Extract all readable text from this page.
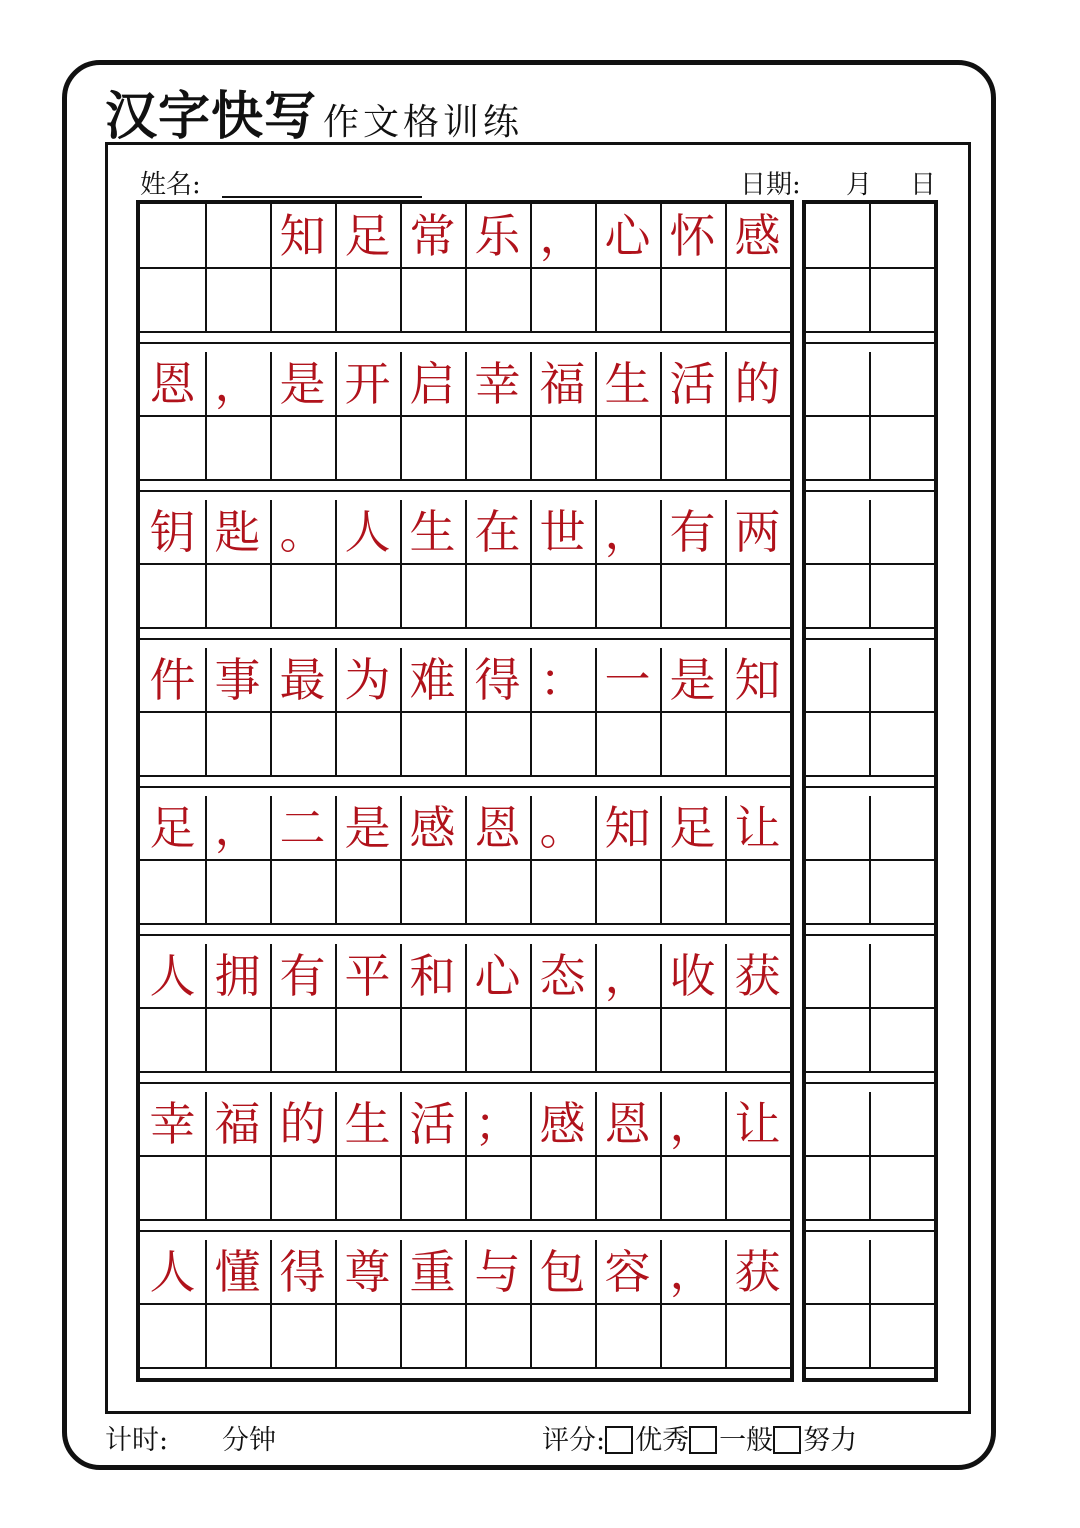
汉字快写 作文格训练
姓名:	日期: 月 日
知 足 常 乐 ， 心 怀 感
恩 ， 是 开 启 幸 福 生 活 的
钥 匙 。 人 生 在 世 ， 有 两
件 事 最 为 难 得 ： 一 是 知
足 ， 二 是 感 恩 。 知 足 让
人 拥 有 平 和 心 态 ， 收 获
幸 福 的 生 活 ； 感 恩 ， 让
人 懂 得 尊 重 与 包 容 ， 获
计时: 分钟	评分: 优秀 一般 努力
